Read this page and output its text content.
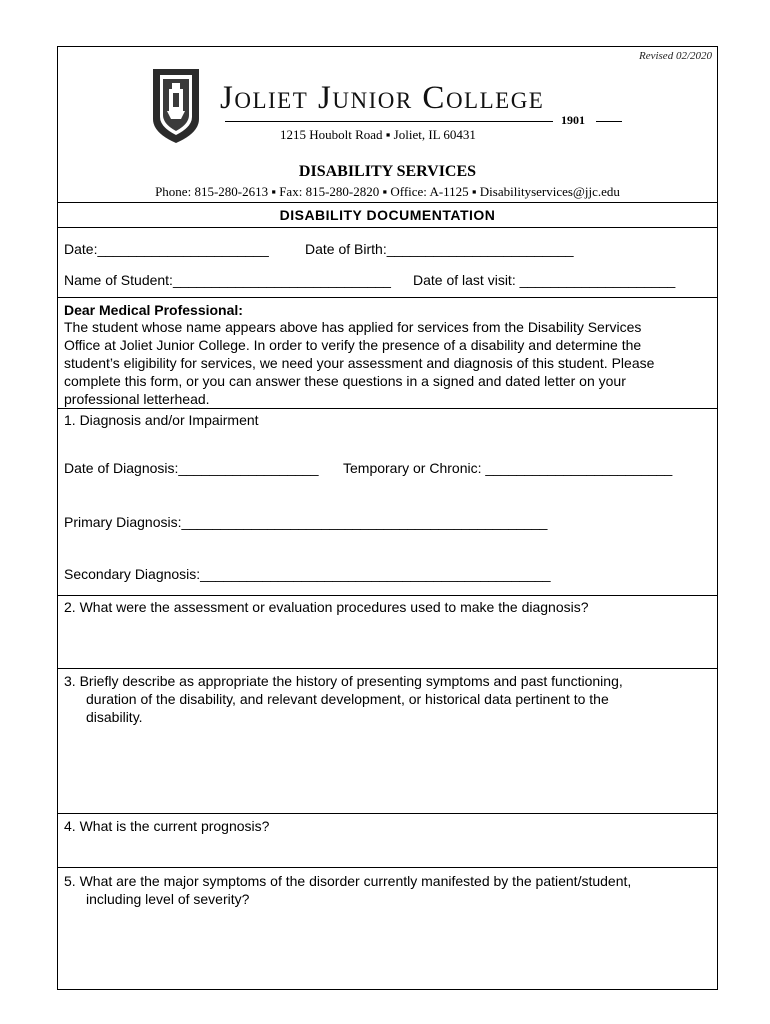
Revised 02/2020
Joliet Junior College
1901
1215 Houbolt Road ▪ Joliet, IL 60431
DISABILITY SERVICES
Phone: 815-280-2613 ▪ Fax: 815-280-2820 ▪ Office: A-1125 ▪ Disabilityservices@jjc.edu
DISABILITY DOCUMENTATION
Date:______________________	Date of Birth:________________________
Name of Student:____________________________ Date of last visit: ____________________
Dear Medical Professional:
The student whose name appears above has applied for services from the Disability Services
Office at Joliet Junior College. In order to verify the presence of a disability and determine the
student’s eligibility for services, we need your assessment and diagnosis of this student. Please
complete this form, or you can answer these questions in a signed and dated letter on your
professional letterhead.
1. Diagnosis and/or Impairment
Date of Diagnosis:__________________ Temporary or Chronic: ________________________
Primary Diagnosis:_______________________________________________
Secondary Diagnosis:_____________________________________________
2. What were the assessment or evaluation procedures used to make the diagnosis?
3. Briefly describe as appropriate the history of presenting symptoms and past functioning,
duration of the disability, and relevant development, or historical data pertinent to the
disability.
4. What is the current prognosis?
5. What are the major symptoms of the disorder currently manifested by the patient/student,
including level of severity?
